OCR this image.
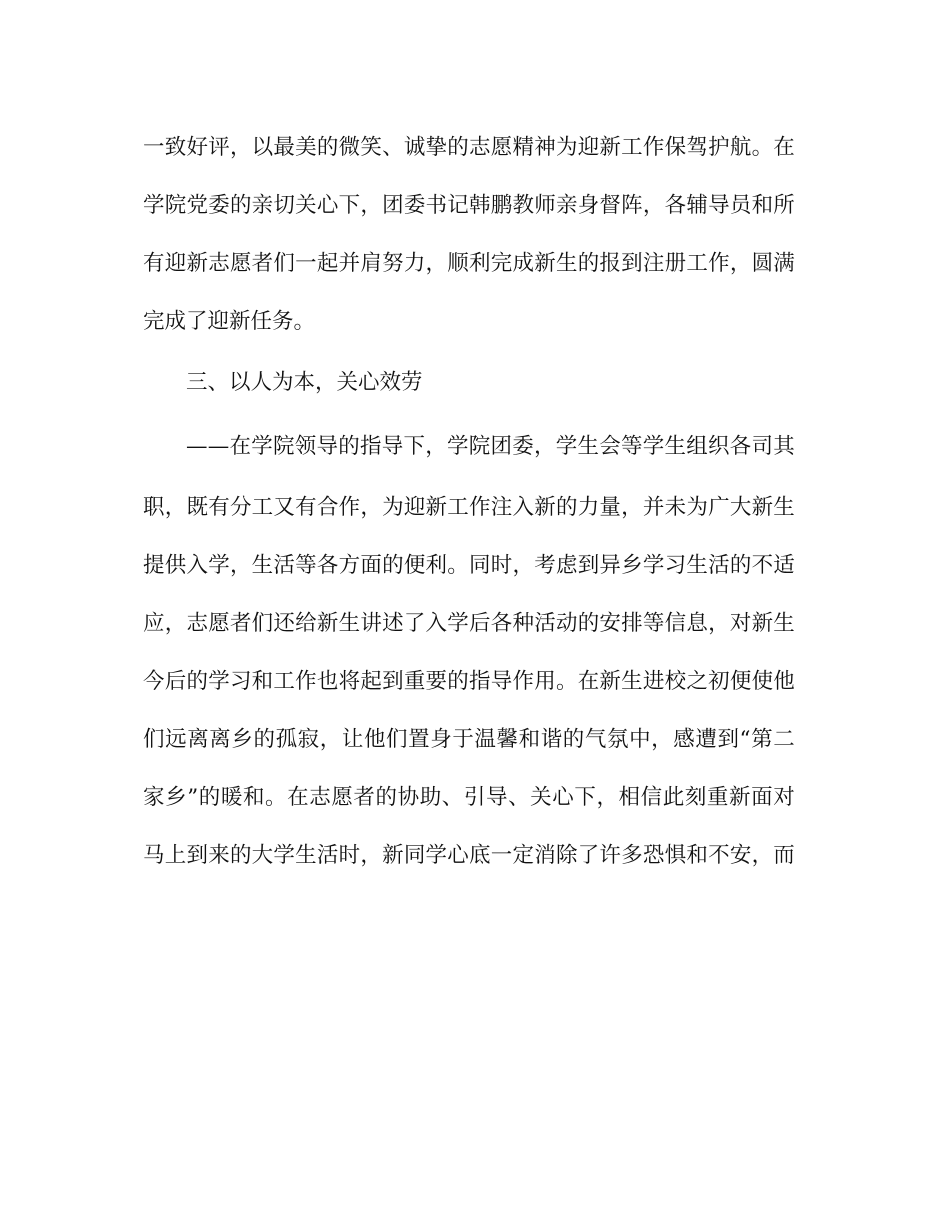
一 致 好 评 ， 以 最 美 的 微 笑 、 诚 挚 的 志 愿 精 神 为 迎 新 工 作 保 驾 护 航 。 在
学 院 党 委 的 亲 切 关 心 下 ， 团 委 书 记 韩 鹏 教 师 亲 身 督 阵 ， 各 辅 导 员 和 所
有 迎 新 志 愿 者 们 一 起 并 肩 努 力 ， 顺 利 完 成 新 生 的 报 到 注 册 工 作 ， 圆 满
完成了迎新任务。
三、以人为本，关心效劳
— — 在 学 院 领 导 的 指 导 下 ， 学 院 团 委 ， 学 生 会 等 学 生 组 织 各 司 其
职 ， 既 有 分 工 又 有 合 作 ， 为 迎 新 工 作 注 入 新 的 力 量 ， 并 未 为 广 大 新 生
提 供 入 学 ， 生 活 等 各 方 面 的 便 利 。 同 时 ， 考 虑 到 异 乡 学 习 生 活 的 不 适
应 ， 志 愿 者 们 还 给 新 生 讲 述 了 入 学 后 各 种 活 动 的 安 排 等 信 息 ， 对 新 生
今 后 的 学 习 和 工 作 也 将 起 到 重 要 的 指 导 作 用 。 在 新 生 进 校 之 初 便 使 他
们 远 离 离 乡 的 孤 寂 ， 让 他 们 置 身 于 温 馨 和 谐 的 气 氛 中 ， 感 遭 到 “ 第 二
家 乡 ” 的 暖 和 。 在 志 愿 者 的 协 助 、 引 导 、 关 心 下 ， 相 信 此 刻 重 新 面 对
马 上 到 来 的 大 学 生 活 时 ， 新 同 学 心 底 一 定 消 除 了 许 多 恐 惧 和 不 安 ， 而
